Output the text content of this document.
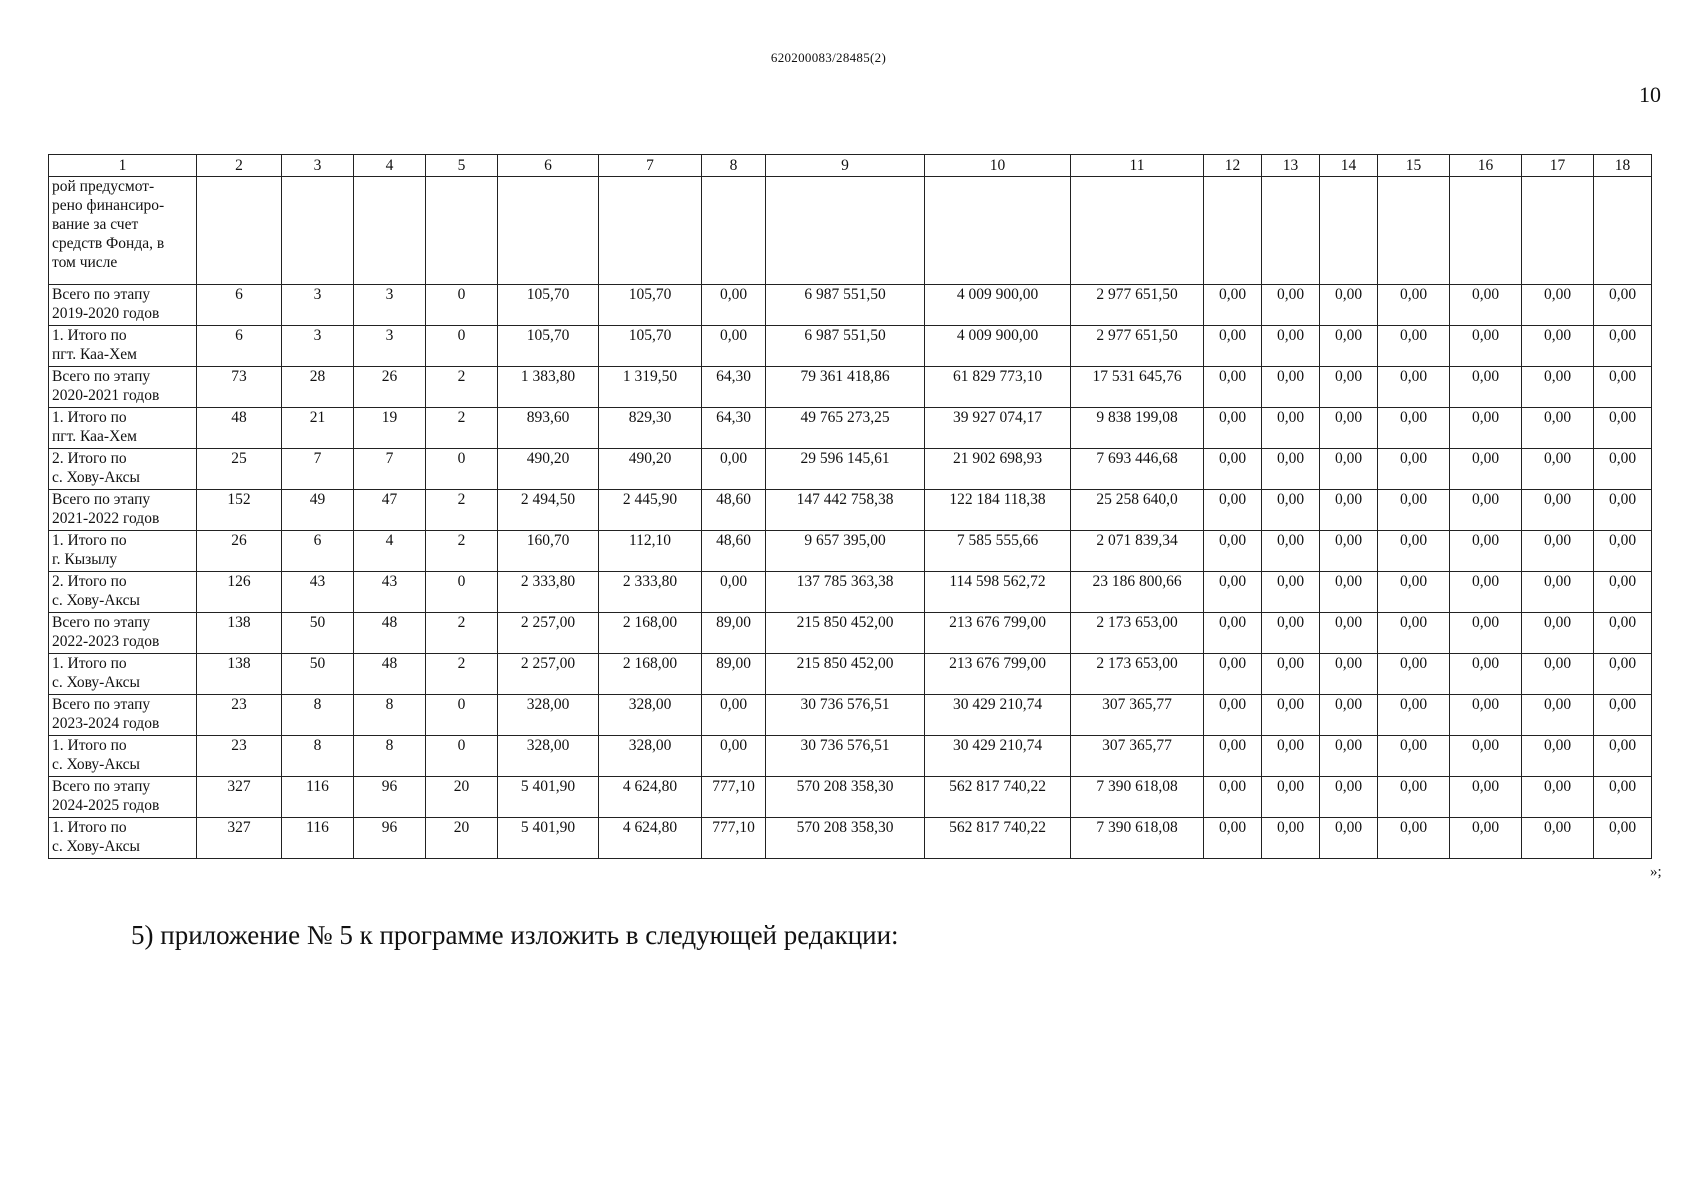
620200083/28485(2)
10
1	2	3	4	5	6	7	8	9	10	11	12	13	14	15	16	17	18

рой предусмот-
рено финансиро-
вание за счет
средств Фонда, в
том числе																	

Всего по этапу
2019-2020 годов	6	3	3	0	105,70	105,70	0,00	6 987 551,50	4 009 900,00	2 977 651,50	0,00	0,00	0,00	0,00	0,00	0,00	0,00

1. Итого по
пгт. Каа-Хем	6	3	3	0	105,70	105,70	0,00	6 987 551,50	4 009 900,00	2 977 651,50	0,00	0,00	0,00	0,00	0,00	0,00	0,00

Всего по этапу
2020-2021 годов	73	28	26	2	1 383,80	1 319,50	64,30	79 361 418,86	61 829 773,10	17 531 645,76	0,00	0,00	0,00	0,00	0,00	0,00	0,00

1. Итого по
пгт. Каа-Хем	48	21	19	2	893,60	829,30	64,30	49 765 273,25	39 927 074,17	9 838 199,08	0,00	0,00	0,00	0,00	0,00	0,00	0,00

2. Итого по
с. Хову-Аксы	25	7	7	0	490,20	490,20	0,00	29 596 145,61	21 902 698,93	7 693 446,68	0,00	0,00	0,00	0,00	0,00	0,00	0,00

Всего по этапу
2021-2022 годов	152	49	47	2	2 494,50	2 445,90	48,60	147 442 758,38	122 184 118,38	25 258 640,0	0,00	0,00	0,00	0,00	0,00	0,00	0,00

1. Итого по
г. Кызылу	26	6	4	2	160,70	112,10	48,60	9 657 395,00	7 585 555,66	2 071 839,34	0,00	0,00	0,00	0,00	0,00	0,00	0,00

2. Итого по
с. Хову-Аксы	126	43	43	0	2 333,80	2 333,80	0,00	137 785 363,38	114 598 562,72	23 186 800,66	0,00	0,00	0,00	0,00	0,00	0,00	0,00

Всего по этапу
2022-2023 годов	138	50	48	2	2 257,00	2 168,00	89,00	215 850 452,00	213 676 799,00	2 173 653,00	0,00	0,00	0,00	0,00	0,00	0,00	0,00

1. Итого по
с. Хову-Аксы	138	50	48	2	2 257,00	2 168,00	89,00	215 850 452,00	213 676 799,00	2 173 653,00	0,00	0,00	0,00	0,00	0,00	0,00	0,00

Всего по этапу
2023-2024 годов	23	8	8	0	328,00	328,00	0,00	30 736 576,51	30 429 210,74	307 365,77	0,00	0,00	0,00	0,00	0,00	0,00	0,00

1. Итого по
с. Хову-Аксы	23	8	8	0	328,00	328,00	0,00	30 736 576,51	30 429 210,74	307 365,77	0,00	0,00	0,00	0,00	0,00	0,00	0,00

Всего по этапу
2024-2025 годов	327	116	96	20	5 401,90	4 624,80	777,10	570 208 358,30	562 817 740,22	7 390 618,08	0,00	0,00	0,00	0,00	0,00	0,00	0,00

1. Итого по
с. Хову-Аксы	327	116	96	20	5 401,90	4 624,80	777,10	570 208 358,30	562 817 740,22	7 390 618,08	0,00	0,00	0,00	0,00	0,00	0,00	0,00
»;
5) приложение № 5 к программе изложить в следующей редакции:
